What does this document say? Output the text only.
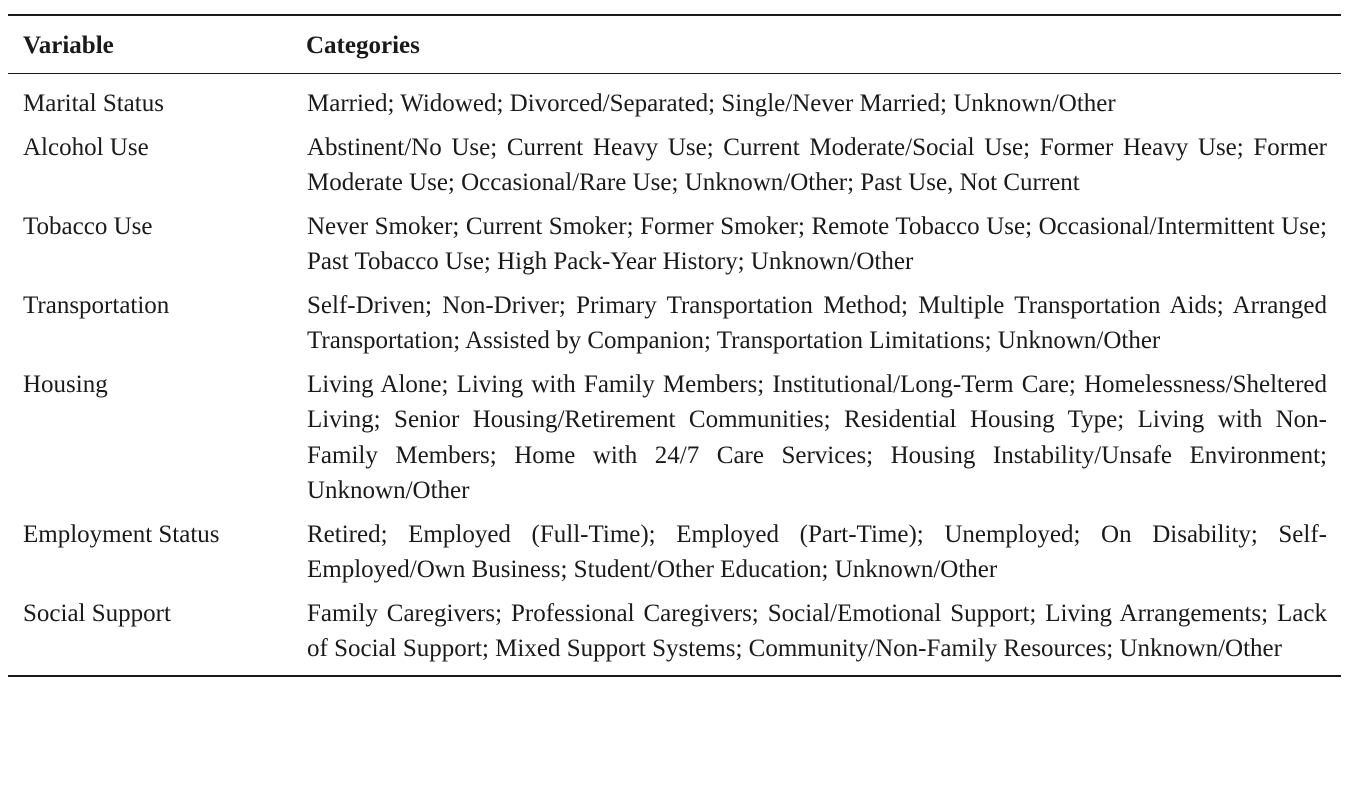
Variable	Categories
Marital Status	Married; Widowed; Divorced/Separated; Single/Never Married; Unknown/Other
Alcohol Use	Abstinent/No Use; Current Heavy Use; Current Moderate/Social Use; Former Heavy Use; Former Moderate Use; Occasional/Rare Use; Unknown/Other; Past Use, Not Current
Tobacco Use	Never Smoker; Current Smoker; Former Smoker; Remote Tobacco Use; Occasional/Intermittent Use; Past Tobacco Use; High Pack-Year History; Unknown/Other
Transportation	Self-Driven; Non-Driver; Primary Transportation Method; Multiple Transportation Aids; Arranged Transportation; Assisted by Companion; Transportation Limitations; Unknown/Other
Housing	Living Alone; Living with Family Members; Institutional/Long-Term Care; Homelessness/Sheltered Living; Senior Housing/Retirement Communities; Residential Housing Type; Living with Non-Family Members; Home with 24/7 Care Services; Housing Instability/Unsafe Environment; Unknown/Other
Employment Status	Retired; Employed (Full-Time); Employed (Part-Time); Unemployed; On Disability; Self-Employed/Own Business; Student/Other Education; Unknown/Other
Social Support	Family Caregivers; Professional Caregivers; Social/Emotional Support; Living Arrangements; Lack of Social Support; Mixed Support Systems; Community/Non-Family Resources; Unknown/Other
